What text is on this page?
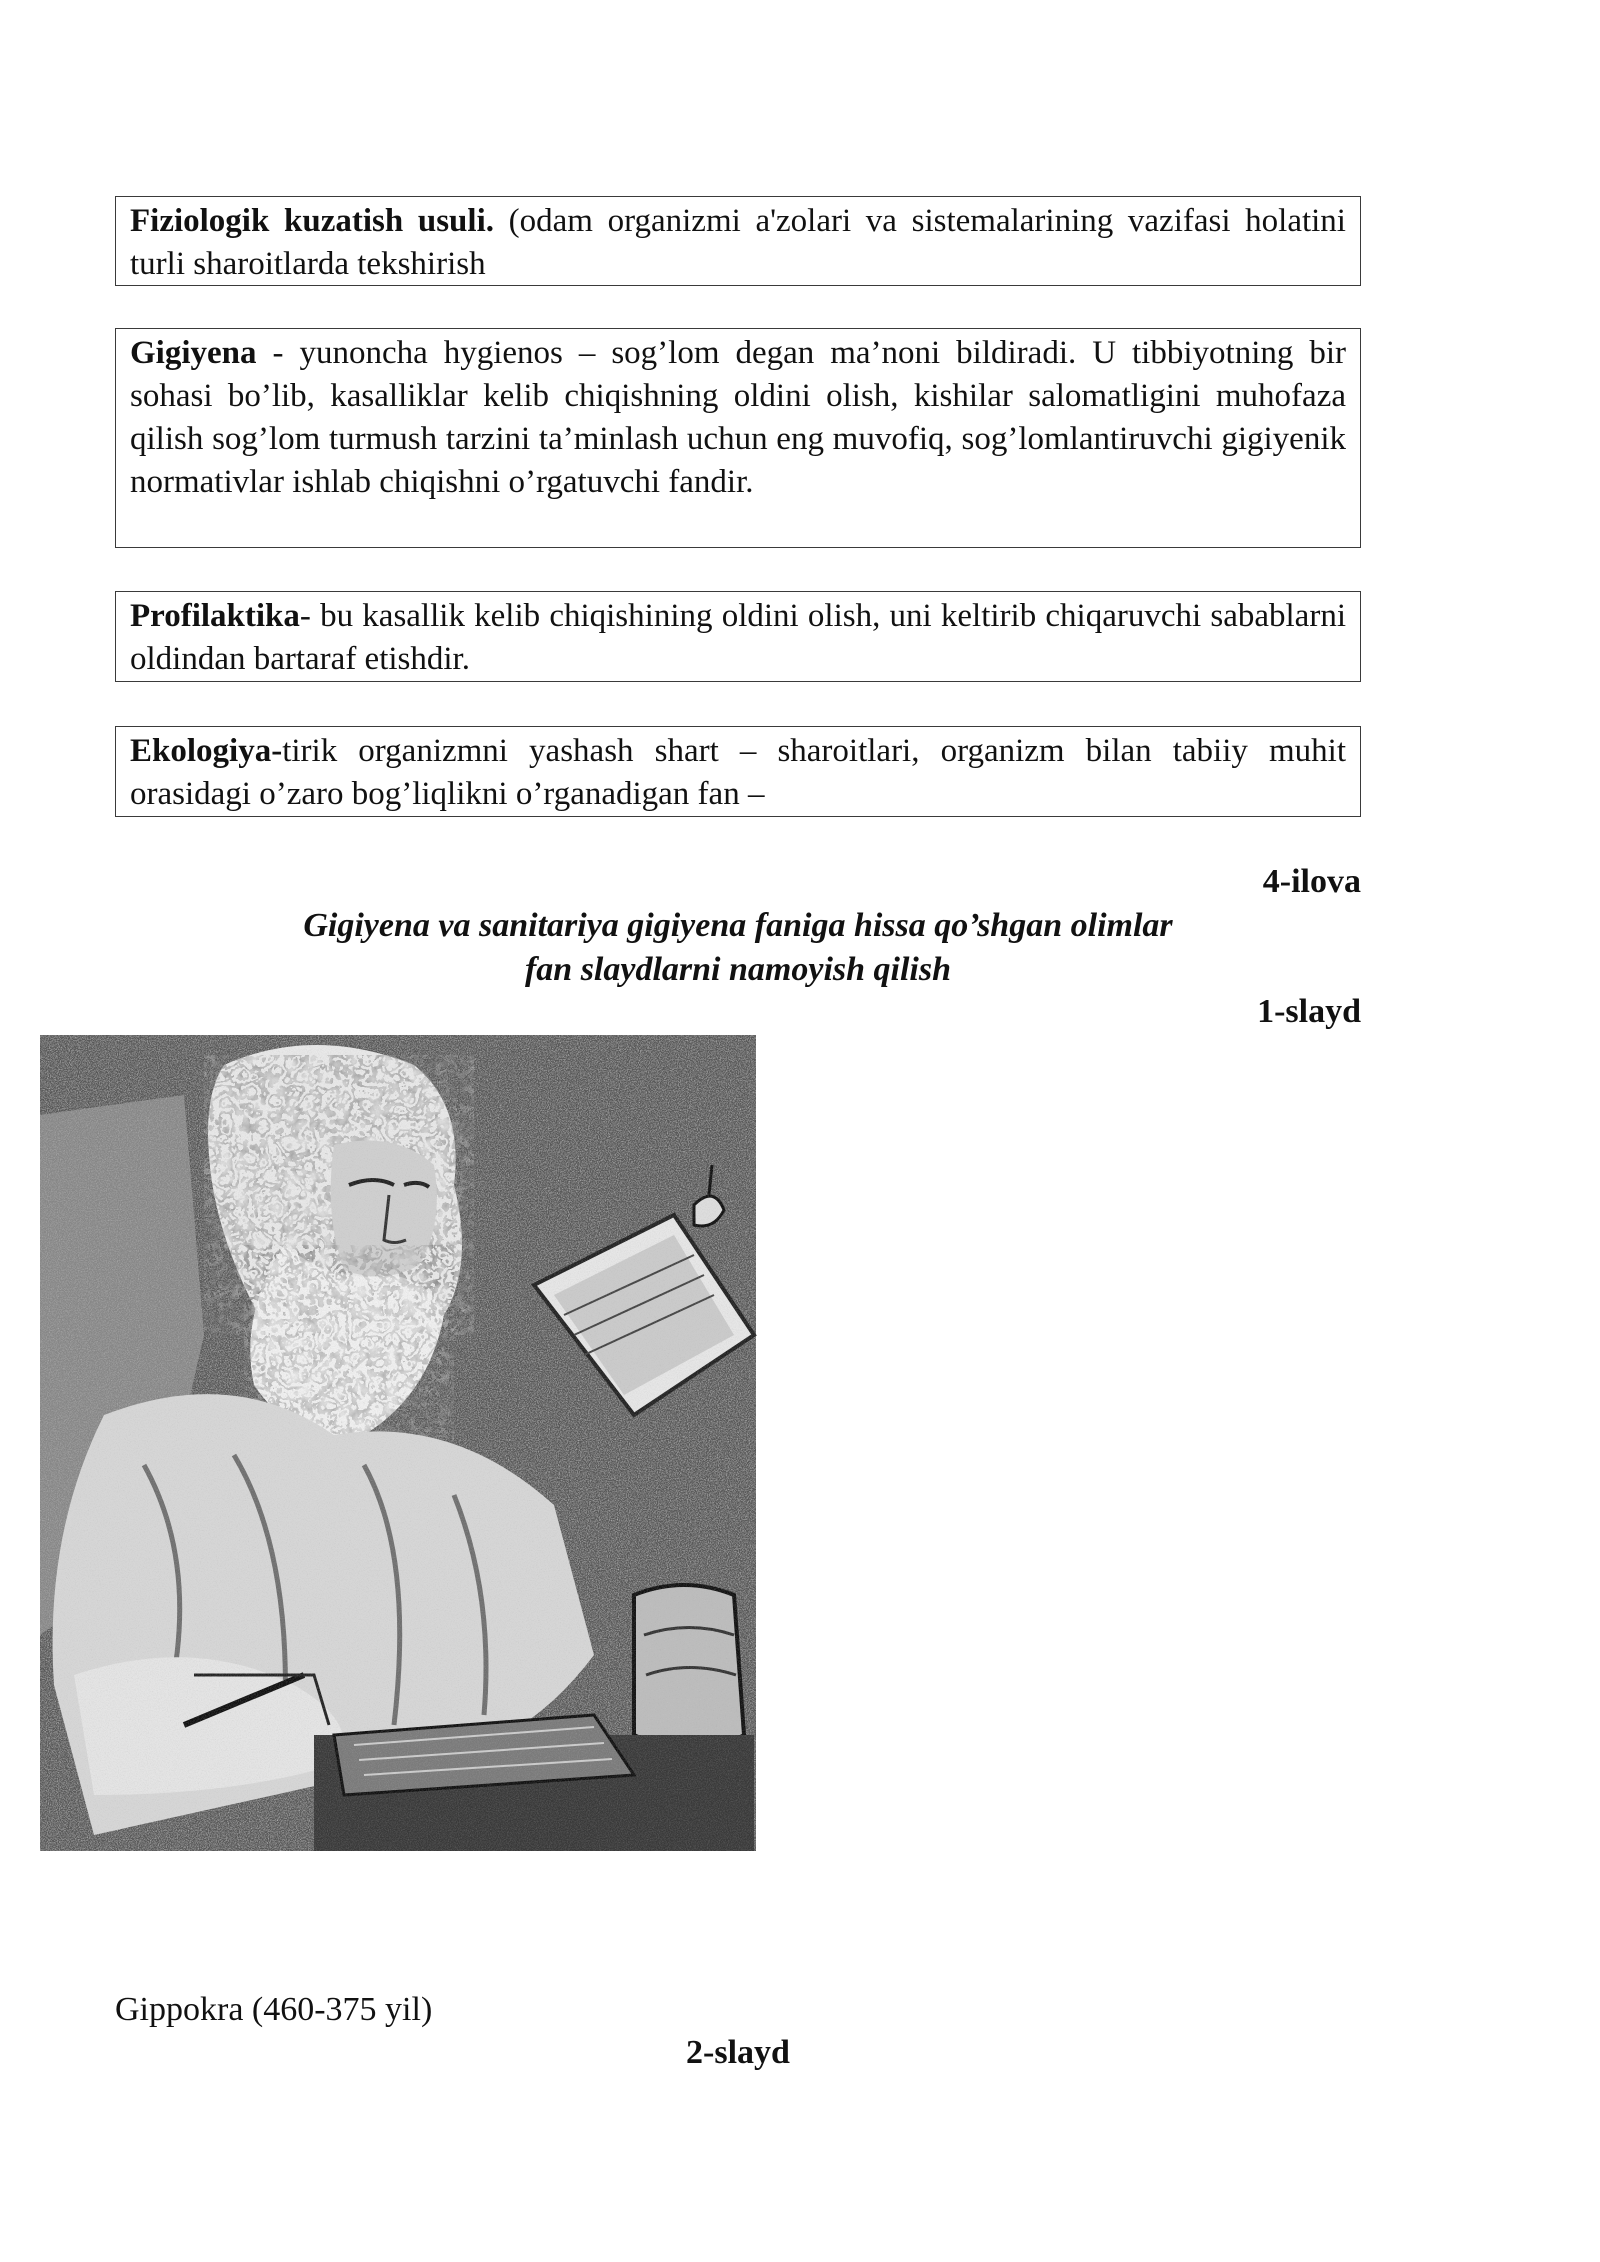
Fiziologik kuzatish usuli. (odam organizmi a'zolari va sistemalarining vazifasi holatini turli sharoitlarda tekshirish
Gigiyena - yunoncha hygienos – sog’lom degan ma’noni bildiradi. U tibbiyotning bir sohasi bo’lib, kasalliklar kelib chiqishning oldini olish, kishilar salomatligini muhofaza qilish sog’lom turmush tarzini ta’minlash uchun eng muvofiq, sog’lomlantiruvchi gigiyenik normativlar ishlab chiqishni o’rgatuvchi fandir.
Profilaktika- bu kasallik kelib chiqishining oldini olish, uni keltirib chiqaruvchi sabablarni oldindan bartaraf etishdir.
Ekologiya-tirik organizmni yashash shart – sharoitlari, organizm bilan tabiiy muhit orasidagi o’zaro bog’liqlikni o’rganadigan fan –
4-ilova
Gigiyena va sanitariya gigiyena faniga hissa qo’shgan olimlar
fan slaydlarni namoyish qilish
1-slayd
Gippokra (460-375 yil)
2-slayd
